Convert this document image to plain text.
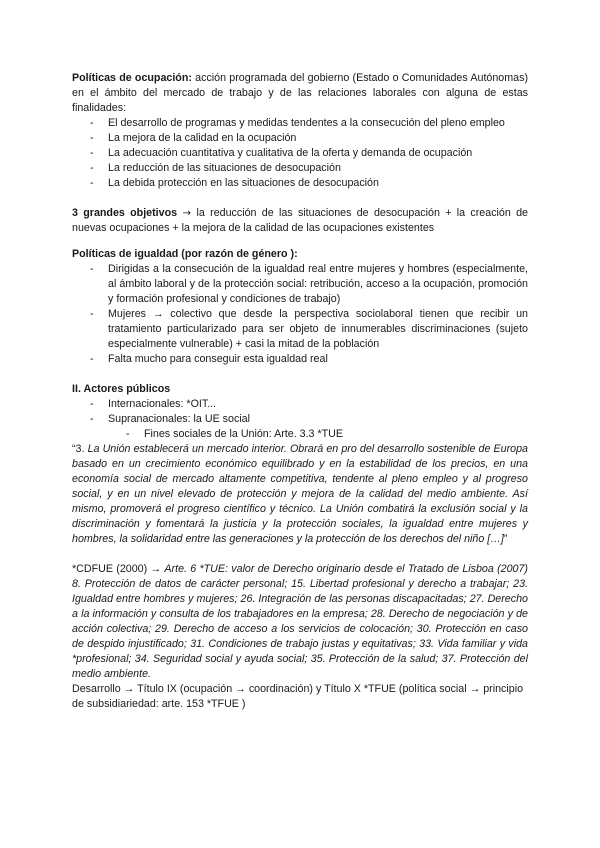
Políticas de ocupación: acción programada del gobierno (Estado o Comunidades Autónomas) en el ámbito del mercado de trabajo y de las relaciones laborales con alguna de estas finalidades:

- El desarrollo de programas y medidas tendentes a la consecución del pleno empleo
- La mejora de la calidad en la ocupación
- La adecuación cuantitativa y cualitativa de la oferta y demanda de ocupación
- La reducción de las situaciones de desocupación
- La debida protección en las situaciones de desocupación

3 grandes objetivos → la reducción de las situaciones de desocupación + la creación de nuevas ocupaciones + la mejora de la calidad de las ocupaciones existentes

Políticas de igualdad (por razón de género ):

- Dirigidas a la consecución de la igualdad real entre mujeres y hombres (especialmente, al ámbito laboral y de la protección social: retribución, acceso a la ocupación, promoción y formación profesional y condiciones de trabajo)
- Mujeres → colectivo que desde la perspectiva sociolaboral tienen que recibir un tratamiento particularizado para ser objeto de innumerables discriminaciones (sujeto especialmente vulnerable) + casi la mitad de la población
- Falta mucho para conseguir esta igualdad real

II. Actores públicos

- Internacionales: *OIT...
- Supranacionales: la UE social
- Fines sociales de la Unión: Arte. 3.3 *TUE

“3. La Unión establecerá un mercado interior. Obrará en pro del desarrollo sostenible de Europa basado en un crecimiento económico equilibrado y en la estabilidad de los precios, en una economía social de mercado altamente competitiva, tendente al pleno empleo y al progreso social, y en un nivel elevado de protección y mejora de la calidad del medio ambiente. Así mismo, promoverá el progreso científico y técnico. La Unión combatirá la exclusión social y la discriminación y fomentará la justicia y la protección sociales, la igualdad entre mujeres y hombres, la solidaridad entre las generaciones y la protección de los derechos del niño […]”

*CDFUE (2000) → Arte. 6 *TUE: valor de Derecho originario desde el Tratado de Lisboa (2007) 8. Protección de datos de carácter personal; 15. Libertad profesional y derecho a trabajar; 23. Igualdad entre hombres y mujeres; 26. Integración de las personas discapacitadas; 27. Derecho a la información y consulta de los trabajadores en la empresa; 28. Derecho de negociación y de acción colectiva; 29. Derecho de acceso a los servicios de colocación; 30. Protección en caso de despido injustificado; 31. Condiciones de trabajo justas y equitativas; 33. Vida familiar y vida *profesional; 34. Seguridad social y ayuda social; 35. Protección de la salud; 37. Protección del medio ambiente.

Desarrollo → Título IX (ocupación → coordinación) y Título X *TFUE (política social → principio de subsidiariedad: arte. 153 *TFUE )
